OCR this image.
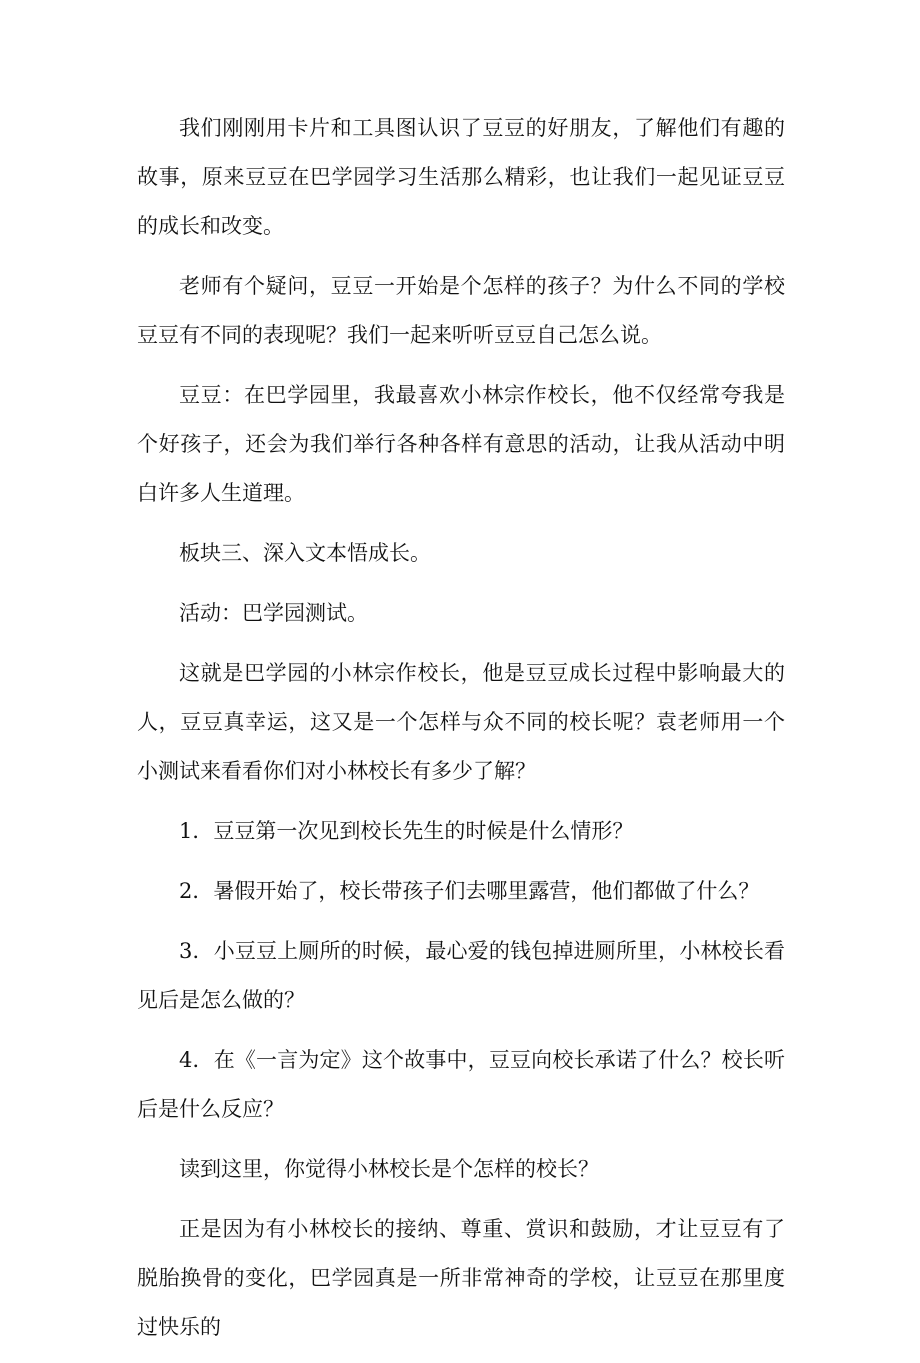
我们刚刚用卡片和工具图认识了豆豆的好朋友，了解他们有趣的故事，原来豆豆在巴学园学习生活那么精彩，也让我们一起见证豆豆的成长和改变。

老师有个疑问，豆豆一开始是个怎样的孩子？为什么不同的学校豆豆有不同的表现呢？我们一起来听听豆豆自己怎么说。

豆豆：在巴学园里，我最喜欢小林宗作校长，他不仅经常夸我是个好孩子，还会为我们举行各种各样有意思的活动，让我从活动中明白许多人生道理。

板块三、深入文本悟成长。

活动：巴学园测试。

这就是巴学园的小林宗作校长，他是豆豆成长过程中影响最大的人，豆豆真幸运，这又是一个怎样与众不同的校长呢？袁老师用一个小测试来看看你们对小林校长有多少了解？

1．豆豆第一次见到校长先生的时候是什么情形？

2．暑假开始了，校长带孩子们去哪里露营，他们都做了什么？

3．小豆豆上厕所的时候，最心爱的钱包掉进厕所里，小林校长看见后是怎么做的？

4．在《一言为定》这个故事中，豆豆向校长承诺了什么？校长听后是什么反应？

读到这里，你觉得小林校长是个怎样的校长？

正是因为有小林校长的接纳、尊重、赏识和鼓励，才让豆豆有了脱胎换骨的变化，巴学园真是一所非常神奇的学校，让豆豆在那里度过快乐的
